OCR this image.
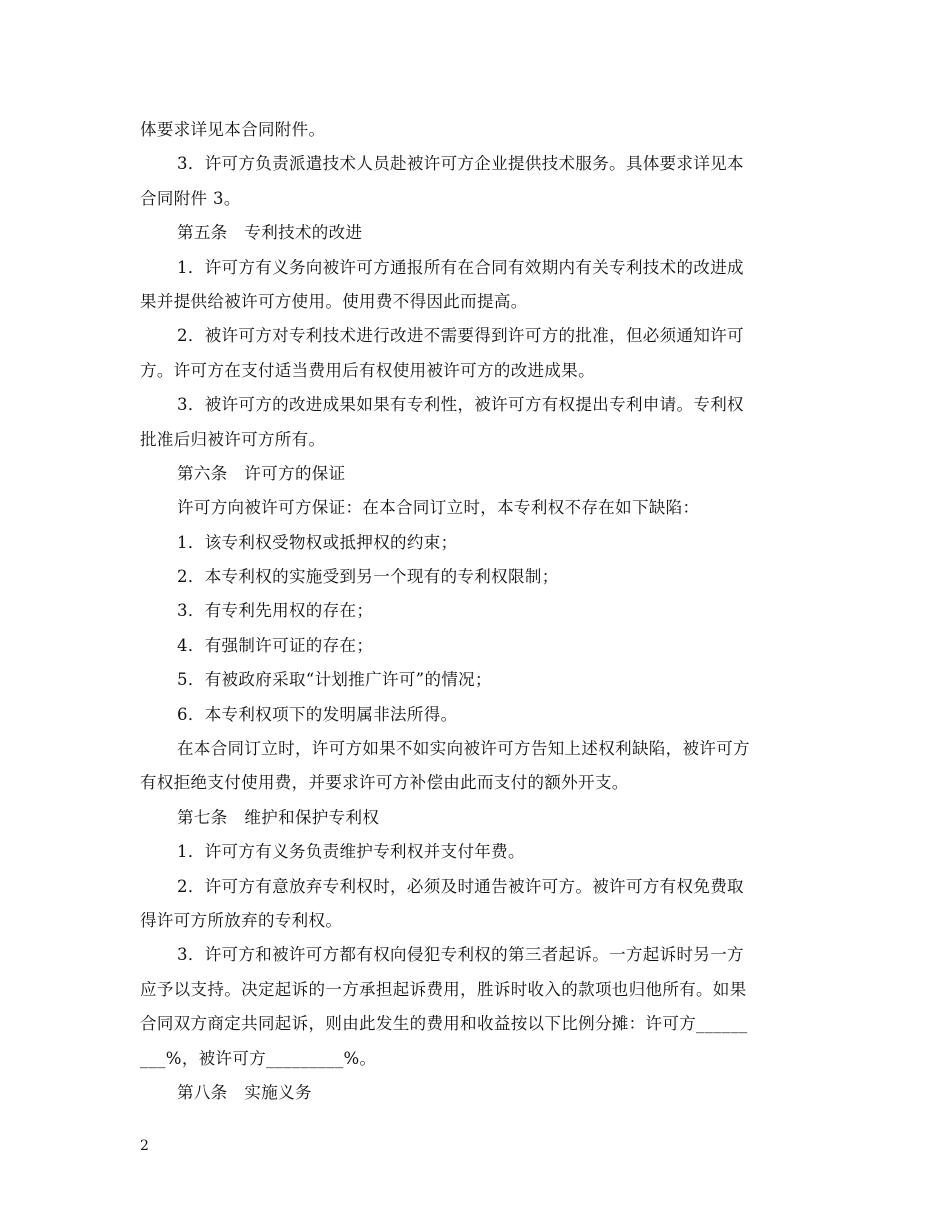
体要求详见本合同附件。
3．许可方负责派遣技术人员赴被许可方企业提供技术服务。具体要求详见本
合同附件 3。
第五条　专利技术的改进
1．许可方有义务向被许可方通报所有在合同有效期内有关专利技术的改进成
果并提供给被许可方使用。使用费不得因此而提高。
2．被许可方对专利技术进行改进不需要得到许可方的批准，但必须通知许可
方。许可方在支付适当费用后有权使用被许可方的改进成果。
3．被许可方的改进成果如果有专利性，被许可方有权提出专利申请。专利权
批准后归被许可方所有。
第六条　许可方的保证
许可方向被许可方保证：在本合同订立时，本专利权不存在如下缺陷：
1．该专利权受物权或抵押权的约束；
2．本专利权的实施受到另一个现有的专利权限制；
3．有专利先用权的存在；
4．有强制许可证的存在；
5．有被政府采取“计划推广许可”的情况；
6．本专利权项下的发明属非法所得。
在本合同订立时，许可方如果不如实向被许可方告知上述权利缺陷，被许可方
有权拒绝支付使用费，并要求许可方补偿由此而支付的额外开支。
第七条　维护和保护专利权
1．许可方有义务负责维护专利权并支付年费。
2．许可方有意放弃专利权时，必须及时通告被许可方。被许可方有权免费取
得许可方所放弃的专利权。
3．许可方和被许可方都有权向侵犯专利权的第三者起诉。一方起诉时另一方
应予以支持。决定起诉的一方承担起诉费用，胜诉时收入的款项也归他所有。如果
合同双方商定共同起诉，则由此发生的费用和收益按以下比例分摊：许可方______
___%，被许可方_________%。
第八条　实施义务
2
